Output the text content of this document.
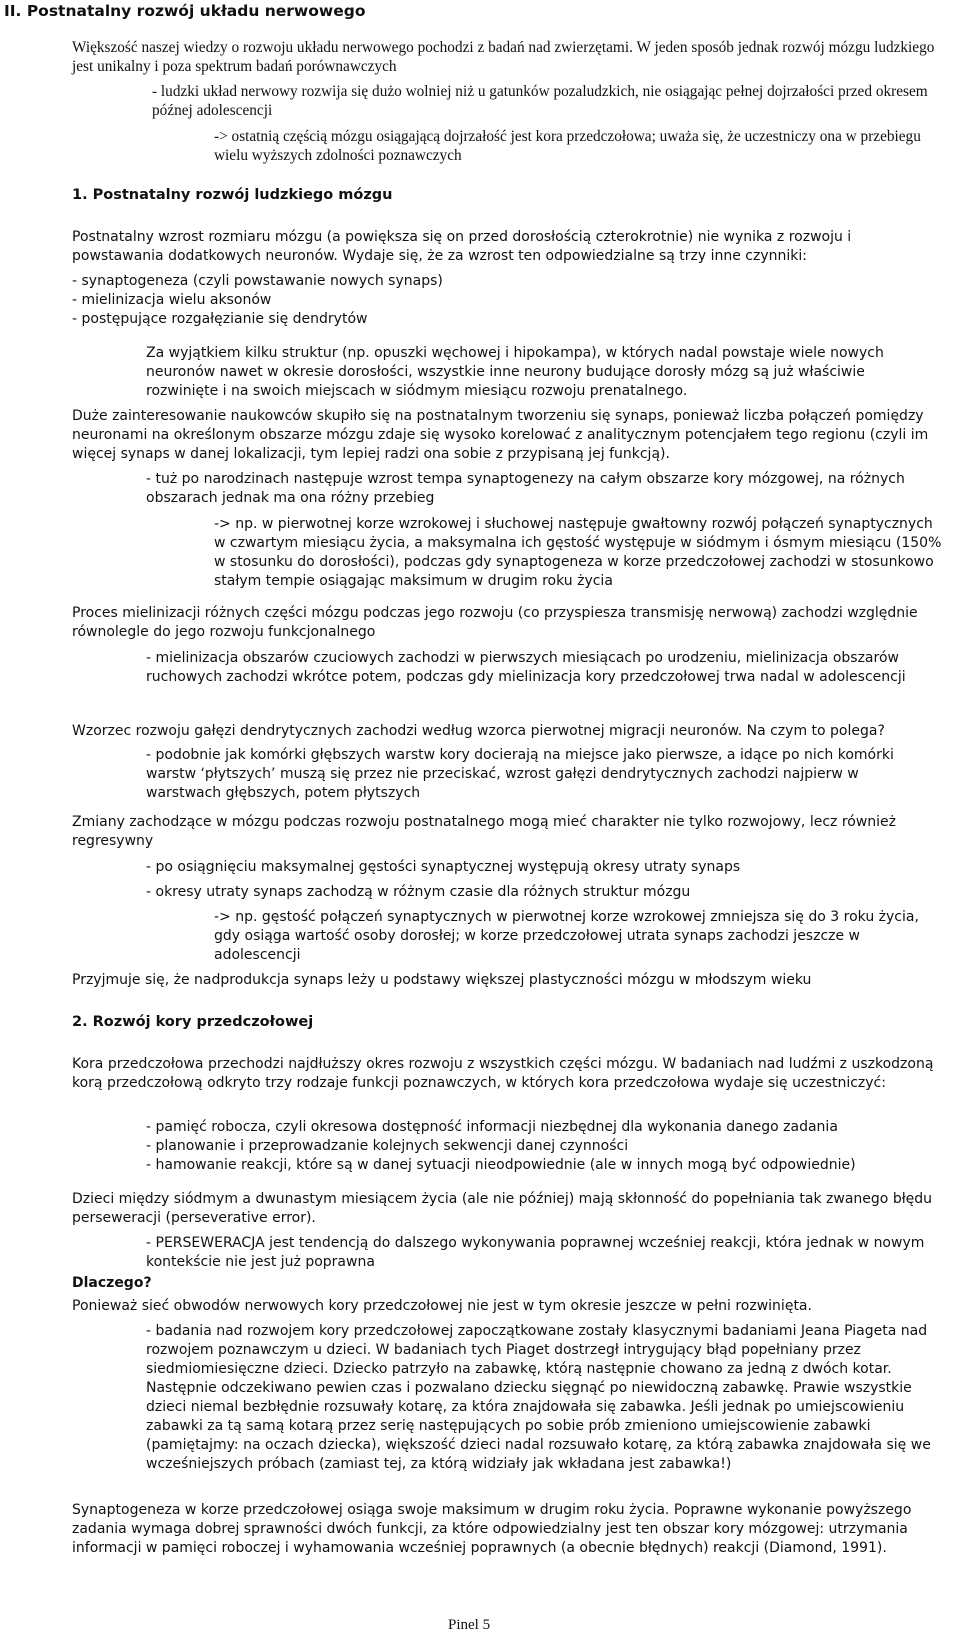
II. Postnatalny rozwój układu nerwowego
Większość naszej wiedzy o rozwoju układu nerwowego pochodzi z badań nad zwierzętami. W jeden sposób jednak rozwój mózgu ludzkiego jest unikalny i poza spektrum badań porównawczych
- ludzki układ nerwowy rozwija się dużo wolniej niż u gatunków pozaludzkich, nie osiągając pełnej dojrzałości przed okresem późnej adolescencji
-> ostatnią częścią mózgu osiągającą dojrzałość jest kora przedczołowa; uważa się, że uczestniczy ona w przebiegu wielu wyższych zdolności poznawczych
1. Postnatalny rozwój ludzkiego mózgu
Postnatalny wzrost rozmiaru mózgu (a powiększa się on przed dorosłością czterokrotnie) nie wynika z rozwoju i powstawania dodatkowych neuronów. Wydaje się, że za wzrost ten odpowiedzialne są trzy inne czynniki:
- synaptogeneza (czyli powstawanie nowych synaps)
- mielinizacja wielu aksonów
- postępujące rozgałęzianie się dendrytów
Za wyjątkiem kilku struktur (np. opuszki węchowej i hipokampa), w których nadal powstaje wiele nowych neuronów nawet w okresie dorosłości, wszystkie inne neurony budujące dorosły mózg są już właściwie rozwinięte i na swoich miejscach w siódmym miesiącu rozwoju prenatalnego.
Duże zainteresowanie naukowców skupiło się na postnatalnym tworzeniu się synaps, ponieważ liczba połączeń pomiędzy neuronami na określonym obszarze mózgu zdaje się wysoko korelować z analitycznym potencjałem tego regionu (czyli im więcej synaps w danej lokalizacji, tym lepiej radzi ona sobie z przypisaną jej funkcją).
- tuż po narodzinach następuje wzrost tempa synaptogenezy na całym obszarze kory mózgowej, na różnych obszarach jednak ma ona różny przebieg
-> np. w pierwotnej korze wzrokowej i słuchowej następuje gwałtowny rozwój połączeń synaptycznych w czwartym miesiącu życia, a maksymalna ich gęstość występuje w siódmym i ósmym miesiącu (150% w stosunku do dorosłości), podczas gdy synaptogeneza w korze przedczołowej zachodzi w stosunkowo stałym tempie osiągając maksimum w drugim roku życia
Proces mielinizacji różnych części mózgu podczas jego rozwoju (co przyspiesza transmisję nerwową) zachodzi względnie równolegle do jego rozwoju funkcjonalnego
- mielinizacja obszarów czuciowych zachodzi w pierwszych miesiącach po urodzeniu, mielinizacja obszarów ruchowych zachodzi wkrótce potem, podczas gdy mielinizacja kory przedczołowej trwa nadal w adolescencji
Wzorzec rozwoju gałęzi dendrytycznych zachodzi według wzorca pierwotnej migracji neuronów. Na czym to polega?
- podobnie jak komórki głębszych warstw kory docierają na miejsce jako pierwsze, a idące po nich komórki warstw ‘płytszych’ muszą się przez nie przeciskać, wzrost gałęzi dendrytycznych zachodzi najpierw w warstwach głębszych, potem płytszych
Zmiany zachodzące w mózgu podczas rozwoju postnatalnego mogą mieć charakter nie tylko rozwojowy, lecz również regresywny
- po osiągnięciu maksymalnej gęstości synaptycznej występują okresy utraty synaps
- okresy utraty synaps zachodzą w różnym czasie dla różnych struktur mózgu
-> np. gęstość połączeń synaptycznych w pierwotnej korze wzrokowej zmniejsza się do 3 roku życia, gdy osiąga wartość osoby dorosłej; w korze przedczołowej utrata synaps zachodzi jeszcze w adolescencji
Przyjmuje się, że nadprodukcja synaps leży u podstawy większej plastyczności mózgu w młodszym wieku
2. Rozwój kory przedczołowej
Kora przedczołowa przechodzi najdłuższy okres rozwoju z wszystkich części mózgu. W badaniach nad ludźmi z uszkodzoną korą przedczołową odkryto trzy rodzaje funkcji poznawczych, w których kora przedczołowa wydaje się uczestniczyć:
- pamięć robocza, czyli okresowa dostępność informacji niezbędnej dla wykonania danego zadania
- planowanie i przeprowadzanie kolejnych sekwencji danej czynności
- hamowanie reakcji, które są w danej sytuacji nieodpowiednie (ale w innych mogą być odpowiednie)
Dzieci między siódmym a dwunastym miesiącem życia (ale nie później) mają skłonność do popełniania tak zwanego błędu perseweracji (perseverative error).
- PERSEWERACJA jest tendencją do dalszego wykonywania poprawnej wcześniej reakcji, która jednak w nowym kontekście nie jest już poprawna
Dlaczego?
Ponieważ sieć obwodów nerwowych kory przedczołowej nie jest w tym okresie jeszcze w pełni rozwinięta.
- badania nad rozwojem kory przedczołowej zapoczątkowane zostały klasycznymi badaniami Jeana Piageta nad rozwojem poznawczym u dzieci. W badaniach tych Piaget dostrzegł intrygujący błąd popełniany przez siedmiomiesięczne dzieci. Dziecko patrzyło na zabawkę, którą następnie chowano za jedną z dwóch kotar. Następnie odczekiwano pewien czas i pozwalano dziecku sięgnąć po niewidoczną zabawkę. Prawie wszystkie dzieci niemal bezbłędnie rozsuwały kotarę, za która znajdowała się zabawka. Jeśli jednak po umiejscowieniu zabawki za tą samą kotarą przez serię następujących po sobie prób zmieniono umiejscowienie zabawki (pamiętajmy: na oczach dziecka), większość dzieci nadal rozsuwało kotarę, za którą zabawka znajdowała się we wcześniejszych próbach (zamiast tej, za którą widziały jak wkładana jest zabawka!)
Synaptogeneza w korze przedczołowej osiąga swoje maksimum w drugim roku życia. Poprawne wykonanie powyższego zadania wymaga dobrej sprawności dwóch funkcji, za które odpowiedzialny jest ten obszar kory mózgowej: utrzymania informacji w pamięci roboczej i wyhamowania wcześniej poprawnych (a obecnie błędnych) reakcji (Diamond, 1991).
Pinel 5
